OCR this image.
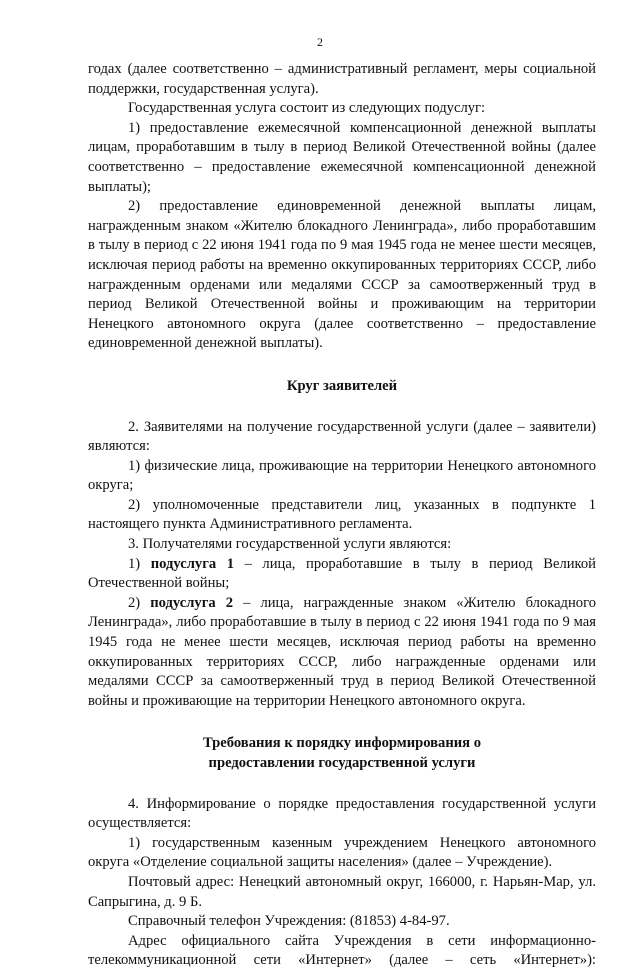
2

годах (далее соответственно – административный регламент, меры социальной поддержки, государственная услуга).

Государственная услуга состоит из следующих подуслуг:

1) предоставление ежемесячной компенсационной денежной выплаты лицам, проработавшим в тылу в период Великой Отечественной войны (далее соответственно – предоставление ежемесячной компенсационной денежной выплаты);

2) предоставление единовременной денежной выплаты лицам, награжденным знаком «Жителю блокадного Ленинграда», либо проработавшим в тылу в период с 22 июня 1941 года по 9 мая 1945 года не менее шести месяцев, исключая период работы на временно оккупированных территориях СССР, либо награжденным орденами или медалями СССР за самоотверженный труд в период Великой Отечественной войны и проживающим на территории Ненецкого автономного округа (далее соответственно – предоставление единовременной денежной выплаты).

Круг заявителей

2. Заявителями на получение государственной услуги (далее – заявители) являются:

1) физические лица, проживающие на территории Ненецкого автономного округа;

2) уполномоченные представители лиц, указанных в подпункте 1 настоящего пункта Административного регламента.

3. Получателями государственной услуги являются:

1) подуслуга 1 – лица, проработавшие в тылу в период Великой Отечественной войны;

2) подуслуга 2 – лица, награжденные знаком «Жителю блокадного Ленинграда», либо проработавшие в тылу в период с 22 июня 1941 года по 9 мая 1945 года не менее шести месяцев, исключая период работы на временно оккупированных территориях СССР, либо награжденные орденами или медалями СССР за самоотверженный труд в период Великой Отечественной войны и проживающие на территории Ненецкого автономного округа.

Требования к порядку информирования о
предоставлении государственной услуги

4. Информирование о порядке предоставления государственной услуги осуществляется:

1) государственным казенным учреждением Ненецкого автономного округа «Отделение социальной защиты населения» (далее – Учреждение).

Почтовый адрес: Ненецкий автономный округ, 166000, г. Нарьян-Мар, ул. Сапрыгина, д. 9 Б.

Справочный телефон Учреждения: (81853) 4-84-97.

Адрес официального сайта Учреждения в сети информационно-телекоммуникационной сети «Интернет» (далее – сеть «Интернет»):
